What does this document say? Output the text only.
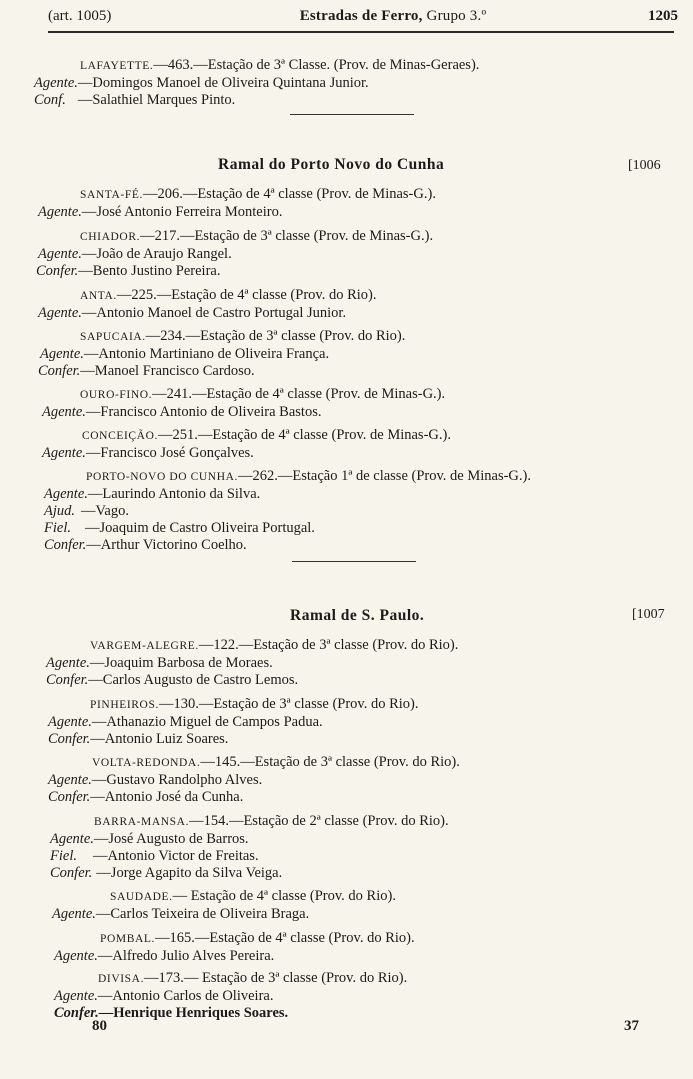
(art. 1005)	Estradas de Ferro, Grupo 3.º	1205
LAFAYETTE.—463.—Estação de 3ª Classe. (Prov. de Minas-Geraes).
Agente.—Domingos Manoel de Oliveira Quintana Junior.
Conf. —Salathiel Marques Pinto.
Ramal do Porto Novo do Cunha	[1006
SANTA-FÉ.—206.—Estação de 4ª classe (Prov. de Minas-G.).
Agente.—José Antonio Ferreira Monteiro.
CHIADOR.—217.—Estação de 3ª classe (Prov. de Minas-G.).
Agente.—João de Araujo Rangel.
Confer.—Bento Justino Pereira.
ANTA.—225.—Estação de 4ª classe (Prov. do Rio).
Agente.—Antonio Manoel de Castro Portugal Junior.
SAPUCAIA.—234.—Estação de 3ª classe (Prov. do Rio).
Agente.—Antonio Martiniano de Oliveira França.
Confer.—Manoel Francisco Cardoso.
OURO-FINO.—241.—Estação de 4ª classe (Prov. de Minas-G.).
Agente.—Francisco Antonio de Oliveira Bastos.
CONCEIÇÃO.—251.—Estação de 4ª classe (Prov. de Minas-G.).
Agente.—Francisco José Gonçalves.
PORTO-NOVO DO CUNHA.—262.—Estação 1ª de classe (Prov. de Minas-G.).
Agente.—Laurindo Antonio da Silva.
Ajud. —Vago.
Fiel. —Joaquim de Castro Oliveira Portugal.
Confer.—Arthur Victorino Coelho.
Ramal de S. Paulo.	[1007
VARGEM-ALEGRE.—122.—Estação de 3ª classe (Prov. do Rio).
Agente.—Joaquim Barbosa de Moraes.
Confer.—Carlos Augusto de Castro Lemos.
PINHEIROS.—130.—Estação de 3ª classe (Prov. do Rio).
Agente.—Athanazio Miguel de Campos Padua.
Confer.—Antonio Luiz Soares.
VOLTA-REDONDA.—145.—Estação de 3ª classe (Prov. do Rio).
Agente.—Gustavo Randolpho Alves.
Confer.—Antonio José da Cunha.
BARRA-MANSA.—154.—Estação de 2ª classe (Prov. do Rio).
Agente.—José Augusto de Barros.
Fiel. —Antonio Victor de Freitas.
Confer. —Jorge Agapito da Silva Veiga.
SAUDADE.— Estação de 4ª classe (Prov. do Rio).
Agente.—Carlos Teixeira de Oliveira Braga.
POMBAL.—165.—Estação de 4ª classe (Prov. do Rio).
Agente.—Alfredo Julio Alves Pereira.
DIVISA.—173.— Estação de 3ª classe (Prov. do Rio).
Agente.—Antonio Carlos de Oliveira.
Confer.—Henrique Henriques Soares.
80	37
